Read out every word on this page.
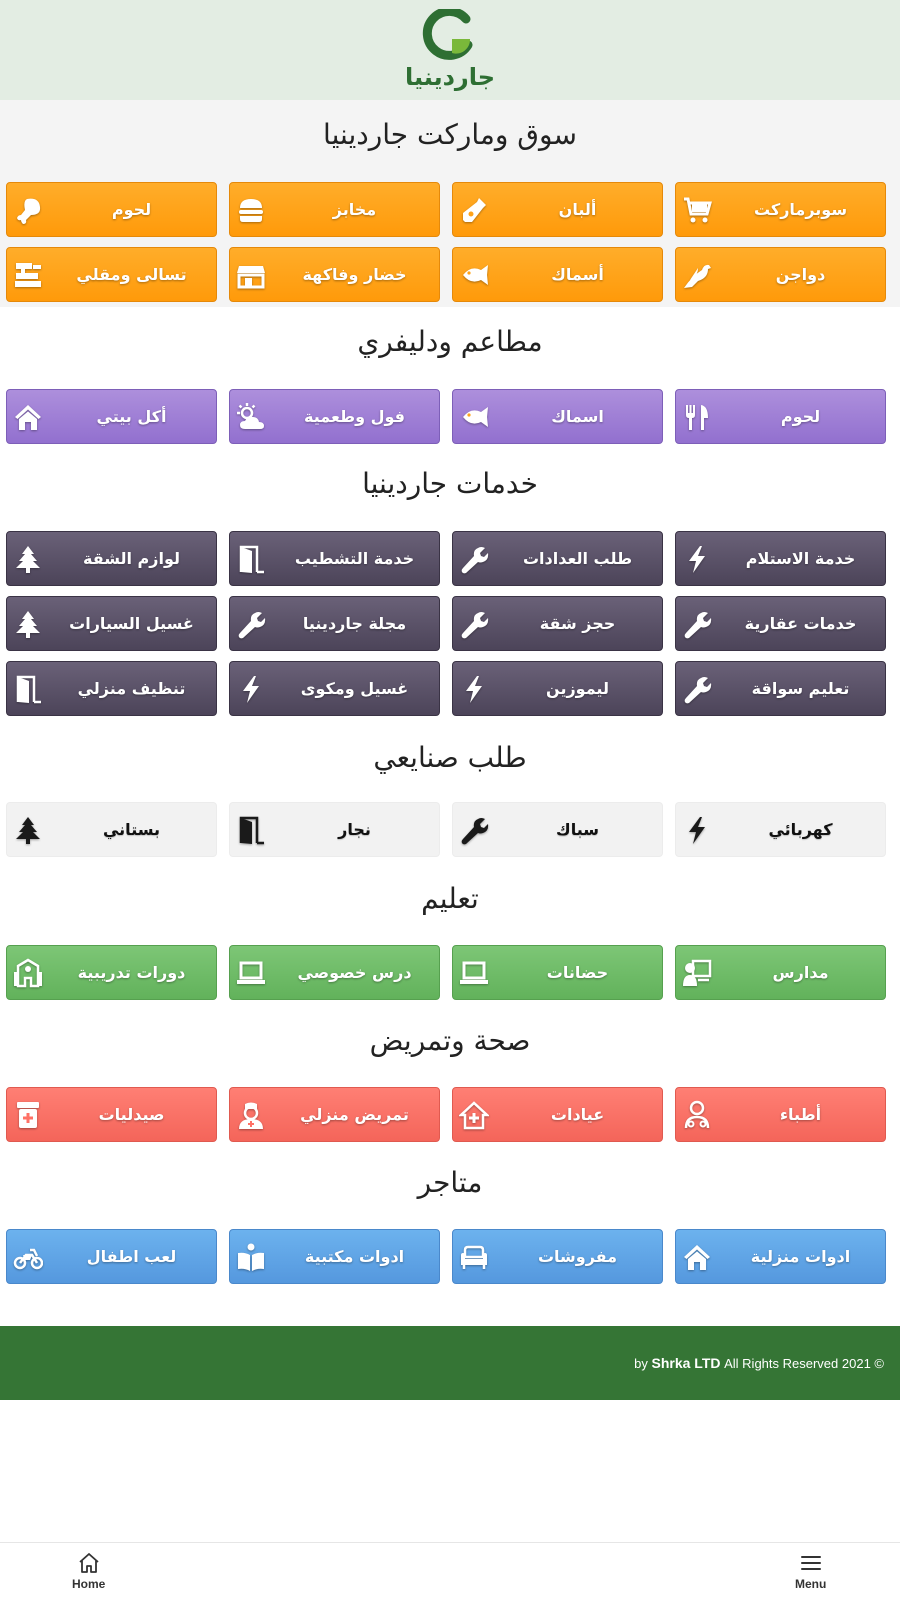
جاردينيا
سوق وماركت جاردينيا
سوبرماركت
ألبان
مخابز
لحوم
دواجن
أسماك
خضار وفاكهة
تسالى ومقلي
مطاعم ودليفري
لحوم
اسماك
فول وطعمية
أكل بيتي
خدمات جاردينيا
خدمة الاستلام
طلب العدادات
خدمة التشطيب
لوازم الشقة
خدمات عقارية
حجز شقة
مجلة جاردينيا
غسيل السيارات
تعليم سواقة
ليموزين
غسيل ومكوى
تنظيف منزلي
طلب صنايعي
كهربائي
سباك
نجار
بستاني
تعليم
مدارس
حضانات
درس خصوصي
دورات تدريبية
صحة وتمريض
أطباء
عيادات
تمريض منزلي
صيدليات
متاجر
ادوات منزلية
مفروشات
ادوات مكتبية
لعب اطفال
by
Shrka LTD
All Rights Reserved 2021 ©
Home	Menu
